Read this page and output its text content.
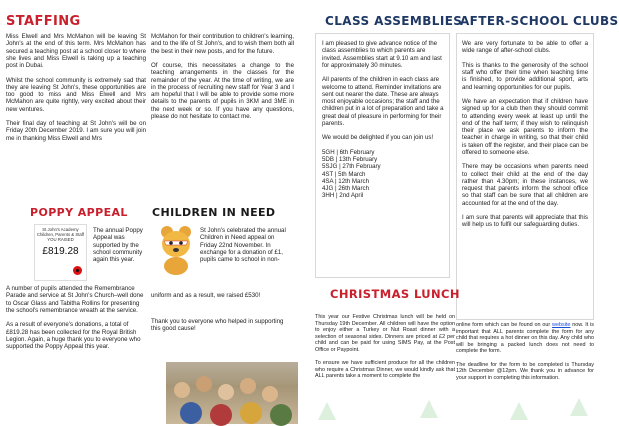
STAFFING
Miss Elwell and Mrs McMahon will be leaving St John's at the end of this term. Mrs McMahon has secured a teaching post at a school closer to where she lives and Miss Elwell is taking up a teaching post in Dubai.
Whilst the school community is extremely sad that they are leaving St John's, these opportunities are too good to miss and Miss Elwell and Mrs McMahon are quite rightly, very excited about their new ventures.
Their final day of teaching at St John's will be on Friday 20th December 2019. I am sure you will join me in thanking Miss Elwell and Mrs
McMahon for their contribution to children's learning, and to the life of St John's, and to wish them both all the best in their new posts, and for the future.
Of course, this necessitates a change to the teaching arrangements in the classes for the remainder of the year. At the time of writing, we are in the process of recruiting new staff for Year 3 and I am hopeful that I will be able to provide some more details to the parents of pupils in 3KM and 3ME in the next week or so. If you have any questions, please do not hesitate to contact me.
POPPY APPEAL
St John's Academy
Children, Parents & Staff
YOU RAISED
£819.28
The annual Poppy Appeal was supported by the school community again this year.
A number of pupils attended the Remembrance Parade and service at St John's Church–well done to Oscar Glass and Tabitha Rollins for presenting the school's remembrance wreath at the service.
As a result of everyone's donations, a total of £819.28 has been collected for the Royal British Legion. Again, a huge thank you to everyone who supported the Poppy Appeal this year.
CHILDREN IN NEED
St John's celebrated the annual Children in Need appeal on Friday 22nd November. In exchange for a donation of £1, pupils came to school in non-
uniform and as a result, we raised £530!
Thank you to everyone who helped in supporting this good cause!
CLASS ASSEMBLIES
I am pleased to give advance notice of the class assemblies to which parents are invited. Assemblies start at 9.10 am and last for approximately 30 minutes.
All parents of the children in each class are welcome to attend. Reminder invitations are sent out nearer the date. These are always most enjoyable occasions; the staff and the children put in a lot of preparation and take a great deal of pleasure in performing for their parents.
We would be delighted if you can join us!
5GH | 6th February
5DB | 13th February
5SJG | 27th February
4ST | 5th March
4SA | 12th March
4JG | 26th March
3HH | 2nd April
AFTER-SCHOOL CLUBS
We are very fortunate to be able to offer a wide range of after-school clubs.
This is thanks to the generosity of the school staff who offer their time when teaching time is finished, to provide additional sport, arts and learning opportunities for our pupils.
We have an expectation that if children have signed up for a club then they should commit to attending every week at least up until the end of the half term; if they wish to relinquish their place we ask parents to inform the teacher in charge in writing, so that their child is taken off the register, and their place can be offered to someone else.
There may be occasions when parents need to collect their child at the end of the day rather than 4.30pm; in these instances, we request that parents inform the school office so that staff can be sure that all children are accounted for at the end of the day.
I am sure that parents will appreciate that this will help us to fulfil our safeguarding duties.
CHRISTMAS LUNCH
This year our Festive Christmas lunch will be held on Thursday 19th December. All children will have the option to enjoy either a Turkey or Nut Roast dinner with a selection of seasonal sides. Dinners are priced at £2 per child and can be paid for using SIMS Pay, at the Post Office or Paypoint.
To ensure we have sufficient produce for all the children who require a Christmas Dinner, we would kindly ask that ALL parents take a moment to complete the
online form which can be found on our website now. It is important that ALL parents complete the form for any child that requires a hot dinner on this day. Any child who will be bringing a packed lunch does not need to complete the form.
The deadline for the form to be completed is Thursday 12th December @12pm. We thank you in advance for your support in completing this information.
